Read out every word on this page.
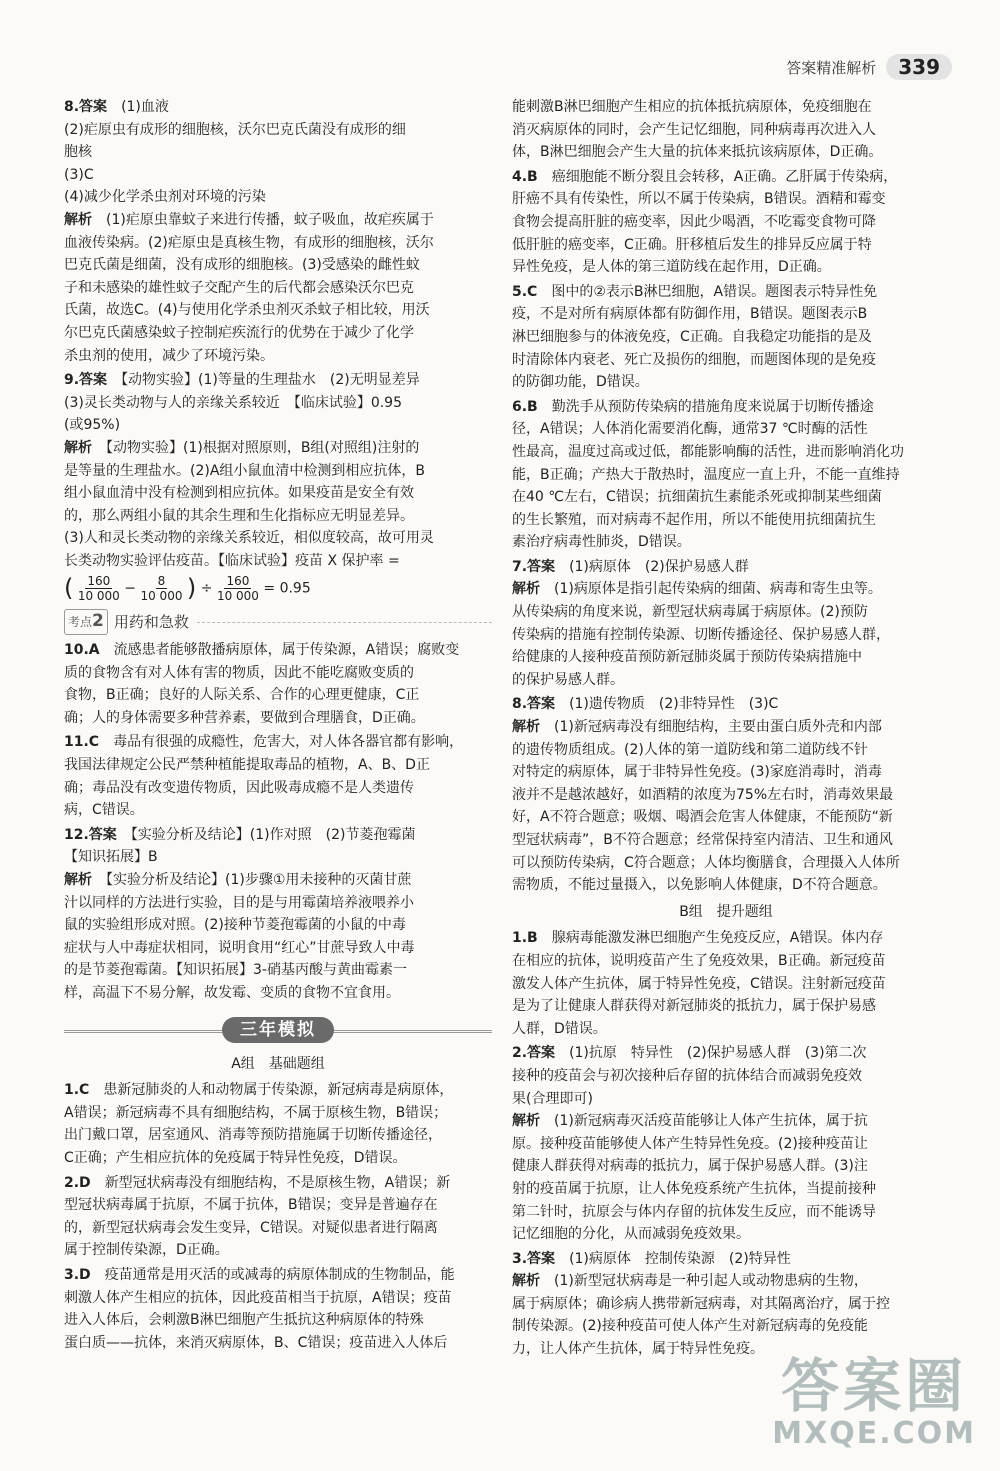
答案精准解析	339
8.答案　 (1)血液
(2)疟原虫有成形的细胞核，沃尔巴克氏菌没有成形的细
胞核
(3)C
(4)减少化学杀虫剂对环境的污染
解析　 (1)疟原虫靠蚊子来进行传播，蚊子吸血，故疟疾属于
血液传染病。(2)疟原虫是真核生物，有成形的细胞核，沃尔
巴克氏菌是细菌，没有成形的细胞核。(3)受感染的雌性蚊
子和未感染的雄性蚊子交配产生的后代都会感染沃尔巴克
氏菌，故选C。(4)与使用化学杀虫剂灭杀蚊子相比较，用沃
尔巴克氏菌感染蚊子控制疟疾流行的优势在于减少了化学
杀虫剂的使用，减少了环境污染。
9.答案　 【动物实验】(1)等量的生理盐水　(2)无明显差异
(3)灵长类动物与人的亲缘关系较近　【临床试验】0.95
(或95%)
解析　 【动物实验】(1)根据对照原则，B组(对照组)注射的
是等量的生理盐水。(2)A组小鼠血清中检测到相应抗体，B
组小鼠血清中没有检测到相应抗体。如果疫苗是安全有效
的，那么两组小鼠的其余生理和生化指标应无明显差异。
(3)人和灵长类动物的亲缘关系较近，相似度较高，故可用灵
长类动物实验评估疫苗。【临床试验】疫苗 X 保护率 =
( $\frac{160}{10 000} - \frac{8}{10 000}$ ) ÷ $\frac{160}{10 000} = 0.95$
考点2 用药和急救
10.A　 流感患者能够散播病原体，属于传染源，A错误；腐败变
质的食物含有对人体有害的物质，因此不能吃腐败变质的
食物，B正确；良好的人际关系、合作的心理更健康，C正
确；人的身体需要多种营养素，要做到合理膳食，D正确。
11.C　 毒品有很强的成瘾性，危害大，对人体各器官都有影响，
我国法律规定公民严禁种植能提取毒品的植物，A、B、D正
确；毒品没有改变遗传物质，因此吸毒成瘾不是人类遗传
病，C错误。
12.答案　 【实验分析及结论】(1)作对照　(2)节菱孢霉菌
【知识拓展】B
解析　 【实验分析及结论】(1)步骤①用未接种的灭菌甘蔗
汁以同样的方法进行实验，目的是与用霉菌培养液喂养小
鼠的实验组形成对照。(2)接种节菱孢霉菌的小鼠的中毒
症状与人中毒症状相同，说明食用“红心”甘蔗导致人中毒
的是节菱孢霉菌。【知识拓展】3-硝基丙酸与黄曲霉素一
样，高温下不易分解，故发霉、变质的食物不宜食用。
三年模拟
A组　基础题组
1.C　 患新冠肺炎的人和动物属于传染源，新冠病毒是病原体，
A错误；新冠病毒不具有细胞结构，不属于原核生物，B错误；
出门戴口罩，居室通风、消毒等预防措施属于切断传播途径，
C正确；产生相应抗体的免疫属于特异性免疫，D错误。
2.D　 新型冠状病毒没有细胞结构，不是原核生物，A错误；新
型冠状病毒属于抗原，不属于抗体，B错误；变异是普遍存在
的，新型冠状病毒会发生变异，C错误。对疑似患者进行隔离
属于控制传染源，D正确。
3.D　 疫苗通常是用灭活的或减毒的病原体制成的生物制品，能
刺激人体产生相应的抗体，因此疫苗相当于抗原，A错误；疫苗
进入人体后，会刺激B淋巴细胞产生抵抗这种病原体的特殊
蛋白质——抗体，来消灭病原体，B、C错误；疫苗进入人体后
能刺激B淋巴细胞产生相应的抗体抵抗病原体，免疫细胞在
消灭病原体的同时，会产生记忆细胞，同种病毒再次进入人
体，B淋巴细胞会产生大量的抗体来抵抗该病原体，D正确。
4.B　 癌细胞能不断分裂且会转移，A正确。乙肝属于传染病，
肝癌不具有传染性，所以不属于传染病，B错误。酒精和霉变
食物会提高肝脏的癌变率，因此少喝酒，不吃霉变食物可降
低肝脏的癌变率，C正确。肝移植后发生的排异反应属于特
异性免疫，是人体的第三道防线在起作用，D正确。
5.C　 图中的②表示B淋巴细胞，A错误。题图表示特异性免
疫，不是对所有病原体都有防御作用，B错误。题图表示B
淋巴细胞参与的体液免疫，C正确。自我稳定功能指的是及
时清除体内衰老、死亡及损伤的细胞，而题图体现的是免疫
的防御功能，D错误。
6.B　 勤洗手从预防传染病的措施角度来说属于切断传播途
径，A错误；人体消化需要消化酶，通常37 ℃时酶的活性
性最高，温度过高或过低，都能影响酶的活性，进而影响消化功
能，B正确；产热大于散热时，温度应一直上升，不能一直维持
在40 ℃左右，C错误；抗细菌抗生素能杀死或抑制某些细菌
的生长繁殖，而对病毒不起作用，所以不能使用抗细菌抗生
素治疗病毒性肺炎，D错误。
7.答案　 (1)病原体　(2)保护易感人群
解析　 (1)病原体是指引起传染病的细菌、病毒和寄生虫等。
从传染病的角度来说，新型冠状病毒属于病原体。(2)预防
传染病的措施有控制传染源、切断传播途径、保护易感人群，
给健康的人接种疫苗预防新冠肺炎属于预防传染病措施中
的保护易感人群。
8.答案　 (1)遗传物质　(2)非特异性　(3)C
解析　 (1)新冠病毒没有细胞结构，主要由蛋白质外壳和内部
的遗传物质组成。(2)人体的第一道防线和第二道防线不针
对特定的病原体，属于非特异性免疫。(3)家庭消毒时，消毒
液并不是越浓越好，如酒精的浓度为75%左右时，消毒效果最
好，A不符合题意；吸烟、喝酒会危害人体健康，不能预防“新
型冠状病毒”，B不符合题意；经常保持室内清洁、卫生和通风
可以预防传染病，C符合题意；人体均衡膳食，合理摄入人体所
需物质，不能过量摄入，以免影响人体健康，D不符合题意。
B组　提升题组
1.B　 腺病毒能激发淋巴细胞产生免疫反应，A错误。体内存
在相应的抗体，说明疫苗产生了免疫效果，B正确。新冠疫苗
激发人体产生抗体，属于特异性免疫，C错误。注射新冠疫苗
是为了让健康人群获得对新冠肺炎的抵抗力，属于保护易感
人群，D错误。
2.答案　 (1)抗原　特异性　(2)保护易感人群　(3)第二次
接种的疫苗会与初次接种后存留的抗体结合而减弱免疫效
果(合理即可)
解析　 (1)新冠病毒灭活疫苗能够让人体产生抗体，属于抗
原。接种疫苗能够使人体产生特异性免疫。(2)接种疫苗让
健康人群获得对病毒的抵抗力，属于保护易感人群。(3)注
射的疫苗属于抗原，让人体免疫系统产生抗体，当提前接种
第二针时，抗原会与体内存留的抗体发生反应，而不能诱导
记忆细胞的分化，从而减弱免疫效果。
3.答案　 (1)病原体　控制传染源　(2)特异性
解析　 (1)新型冠状病毒是一种引起人或动物患病的生物，
属于病原体；确诊病人携带新冠病毒，对其隔离治疗，属于控
制传染源。(2)接种疫苗可使人体产生对新冠病毒的免疫能
力，让人体产生抗体，属于特异性免疫。
答案圈
MXQE.COM
